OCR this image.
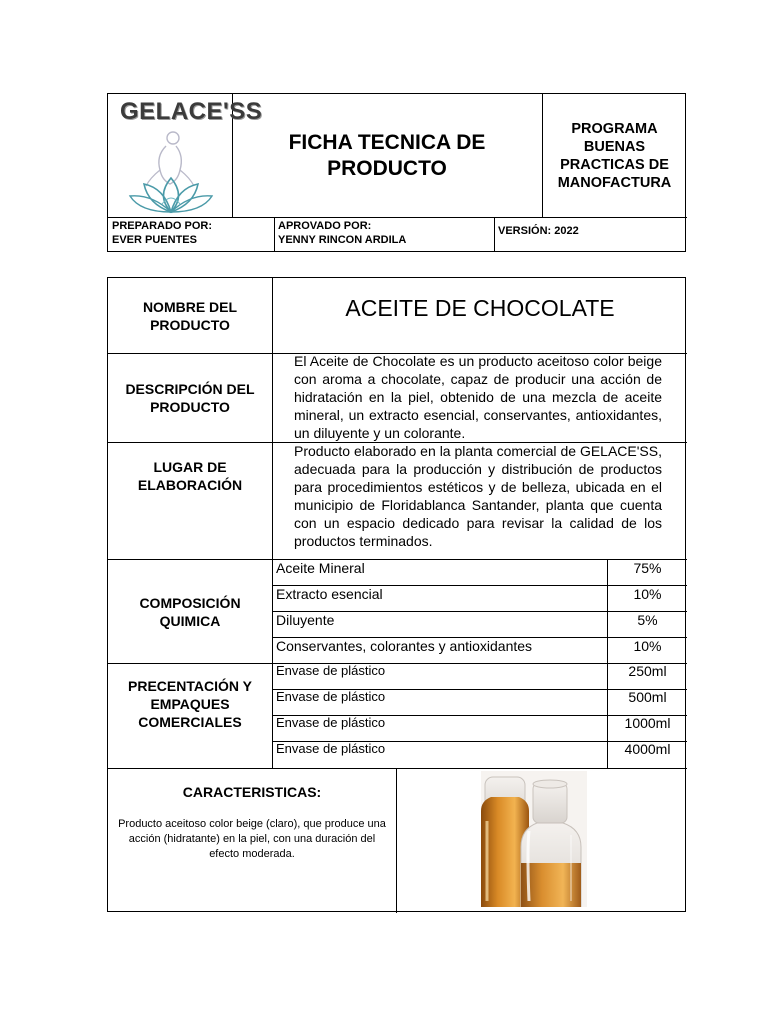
GELACE'SS
FICHA TECNICA DE PRODUCTO
PROGRAMA BUENAS PRACTICAS DE MANOFACTURA
PREPARADO POR:
EVER PUENTES
APROVADO POR:
YENNY RINCON ARDILA
VERSIÓN: 2022
NOMBRE DEL PRODUCTO
ACEITE DE CHOCOLATE
DESCRIPCIÓN DEL PRODUCTO
El Aceite de Chocolate es un producto aceitoso color beige con aroma a chocolate, capaz de producir una acción de hidratación en la piel, obtenido de una mezcla de aceite mineral, un extracto esencial, conservantes, antioxidantes, un diluyente y un colorante.
LUGAR DE ELABORACIÓN
Producto elaborado en la planta comercial de GELACE'SS, adecuada para la producción y distribución de productos para procedimientos estéticos y de belleza, ubicada en el municipio de Floridablanca Santander, planta que cuenta con un espacio dedicado para revisar la calidad de los productos terminados.
COMPOSICIÓN QUIMICA
Aceite Mineral	75%
Extracto esencial	10%
Diluyente	5%
Conservantes, colorantes y antioxidantes	10%
PRECENTACIÓN Y EMPAQUES COMERCIALES
Envase de plástico	250ml
Envase de plástico	500ml
Envase de plástico	1000ml
Envase de plástico	4000ml
CARACTERISTICAS:
Producto aceitoso color beige (claro), que produce una acción (hidratante) en la piel, con una duración del efecto moderada.
